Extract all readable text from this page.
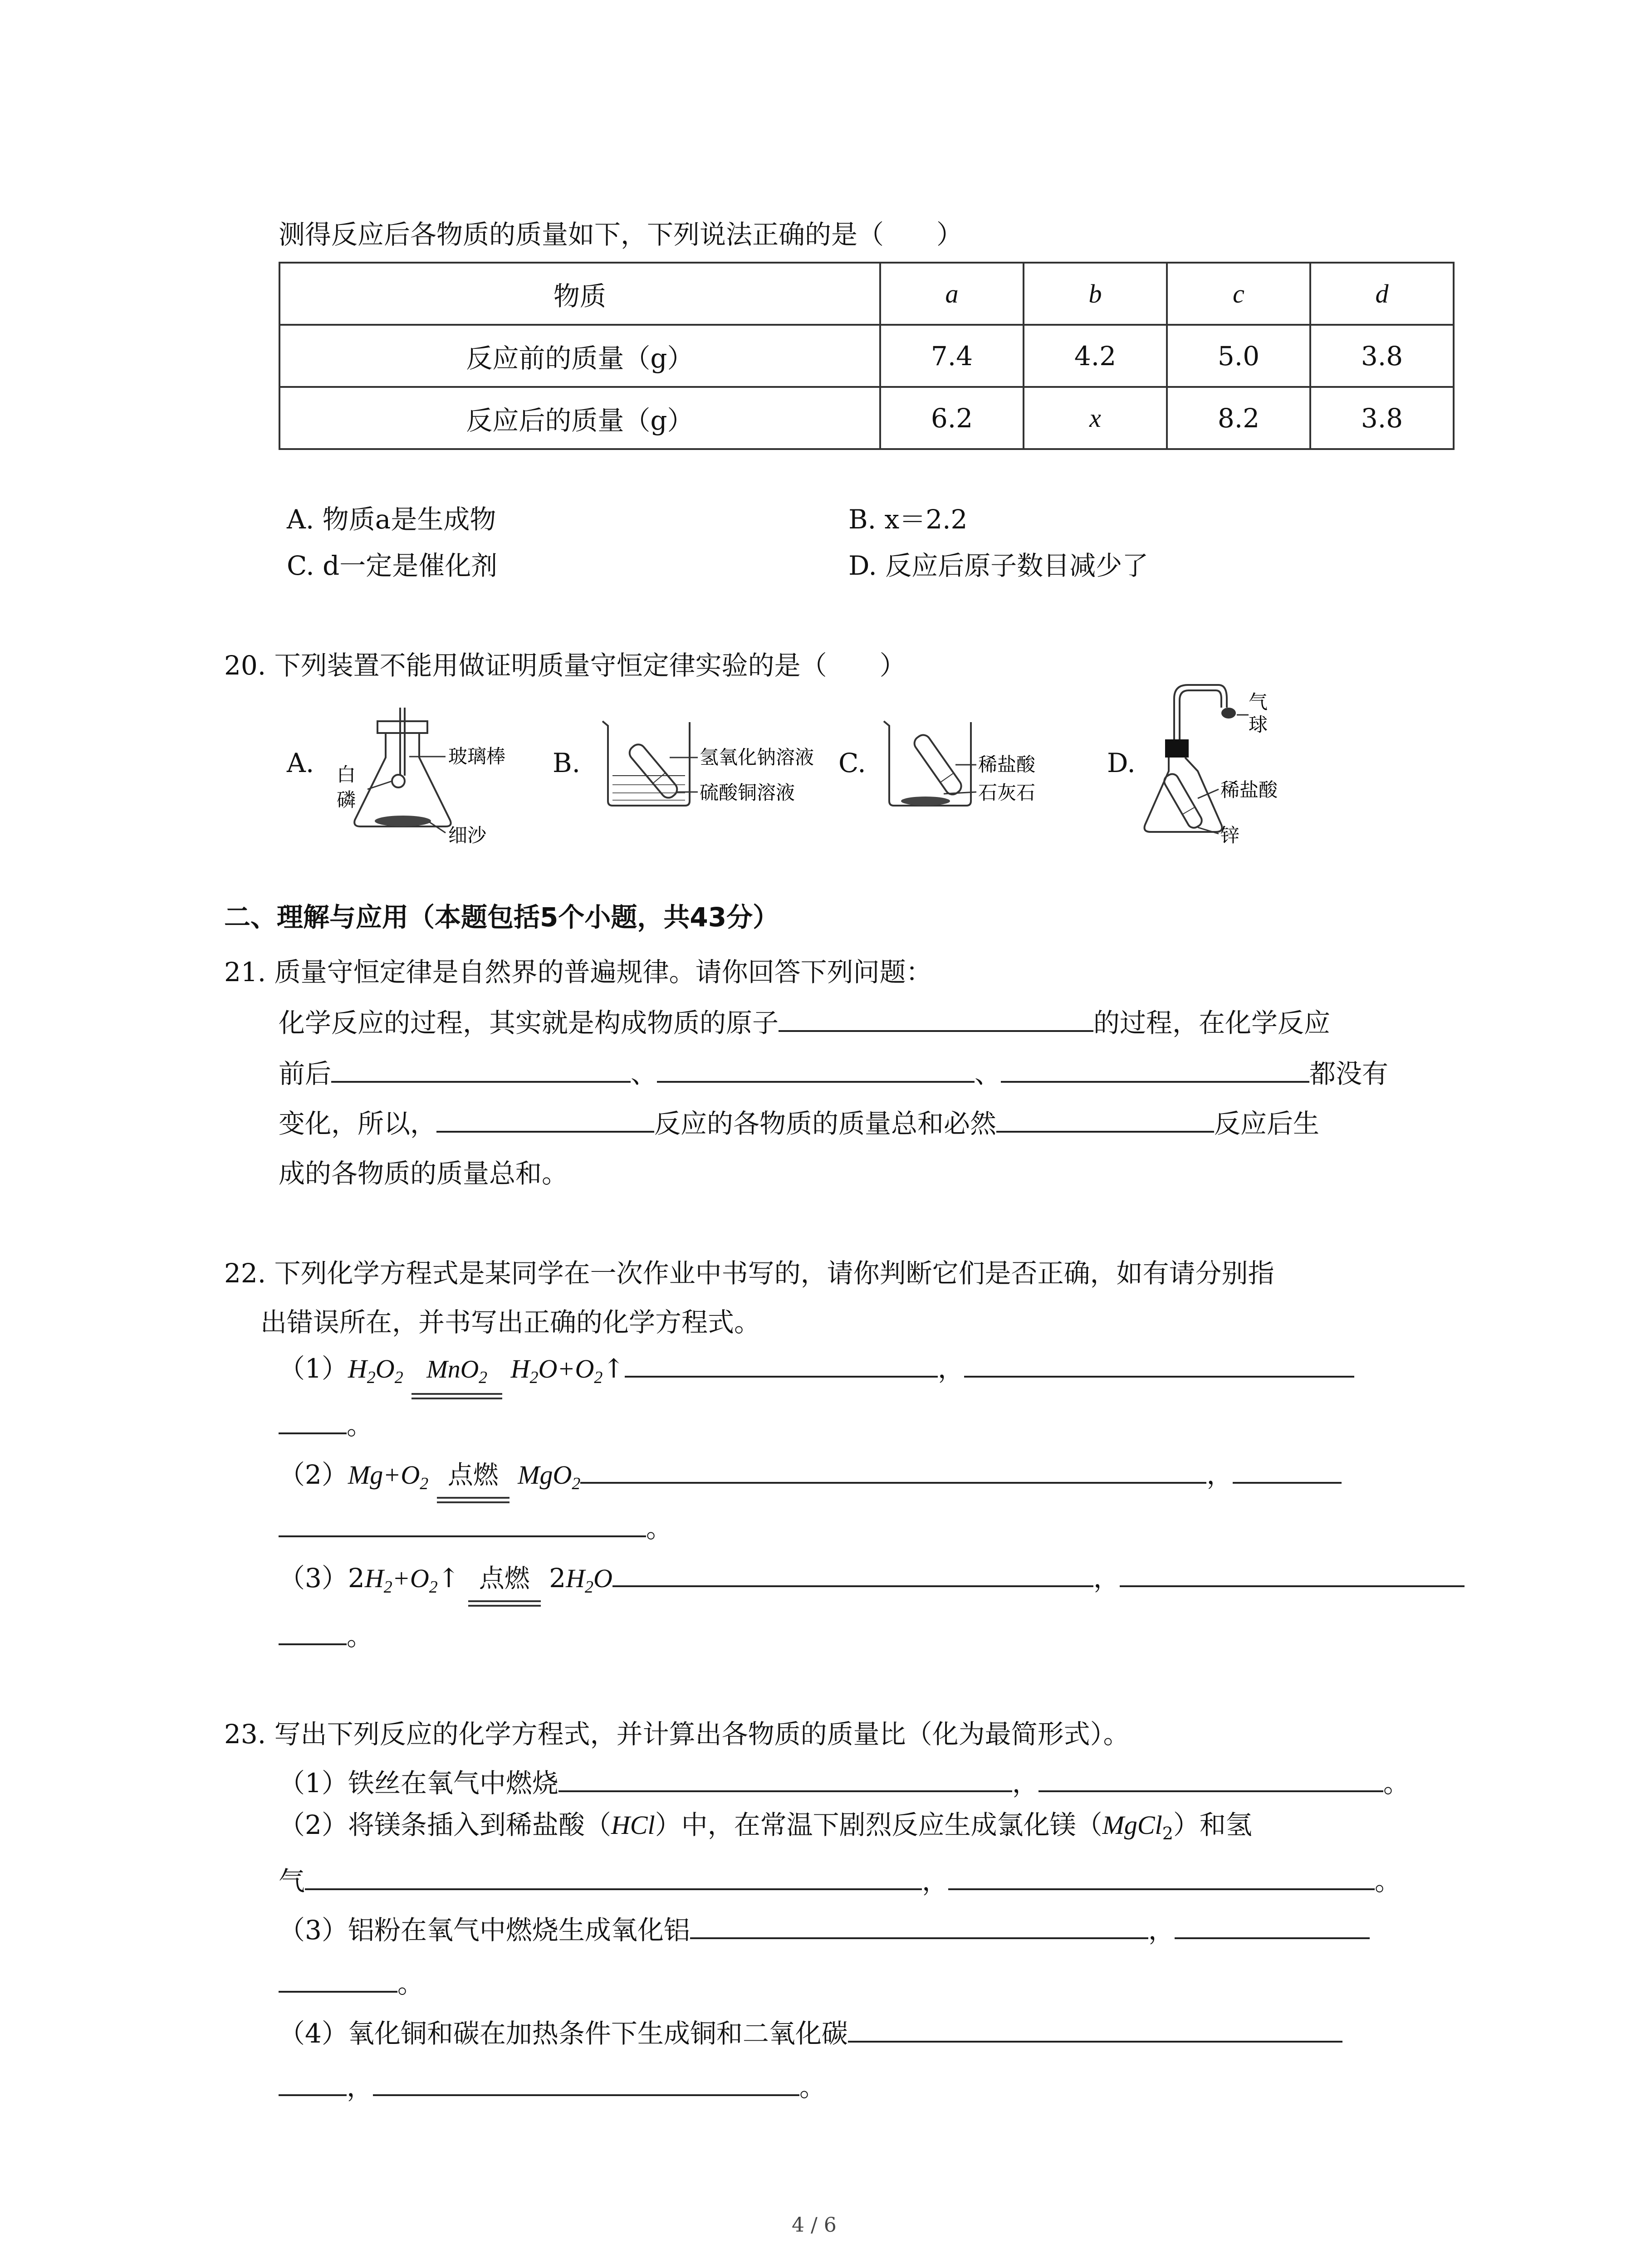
测得反应后各物质的质量如下，下列说法正确的是（　　）
物质	a	b	c	d
反应前的质量（g）	7.4	4.2	5.0	3.8
反应后的质量（g）	6.2	x	8.2	3.8
A. 物质a是生成物	B. x＝2.2
C. d一定是催化剂	D. 反应后原子数目减少了
20. 下列装置不能用做证明质量守恒定律实验的是（　　）
A.	B.	C.	D.
玻璃棒
白
磷
细沙
氢氧化钠溶液
硫酸铜溶液
稀盐酸
石灰石
气
球
稀盐酸
锌
二、理解与应用（本题包括5个小题，共43分）
21. 质量守恒定律是自然界的普遍规律。请你回答下列问题：
化学反应的过程，其实就是构成物质的原子	的过程，在化学反应
前后	、	、	都没有
变化，所以，	反应的各物质的质量总和必然	反应后生
成的各物质的质量总和。
22. 下列化学方程式是某同学在一次作业中书写的，请你判断它们是否正确，如有请分别指
出错误所在，并书写出正确的化学方程式。
$(1)H_2O_2$ MnO$_2$ $H_2O+O_2↑$	，
。
$(2)Mg+O_2$ 点燃 MgO$_2$	，
。
$(3)2H_2+O_2↑$ 点燃 $2H_2O$	，
。
23. 写出下列反应的化学方程式，并计算出各物质的质量比（化为最简形式）。
（1）铁丝在氧气中燃烧	，	。
（2）将镁条插入到稀盐酸（HCl）中，在常温下剧烈反应生成氯化镁（MgCl$_2$）和氢
气	，	。
（3）铝粉在氧气中燃烧生成氧化铝	，
。
（4）氧化铜和碳在加热条件下生成铜和二氧化碳
，	。
4 / 6
